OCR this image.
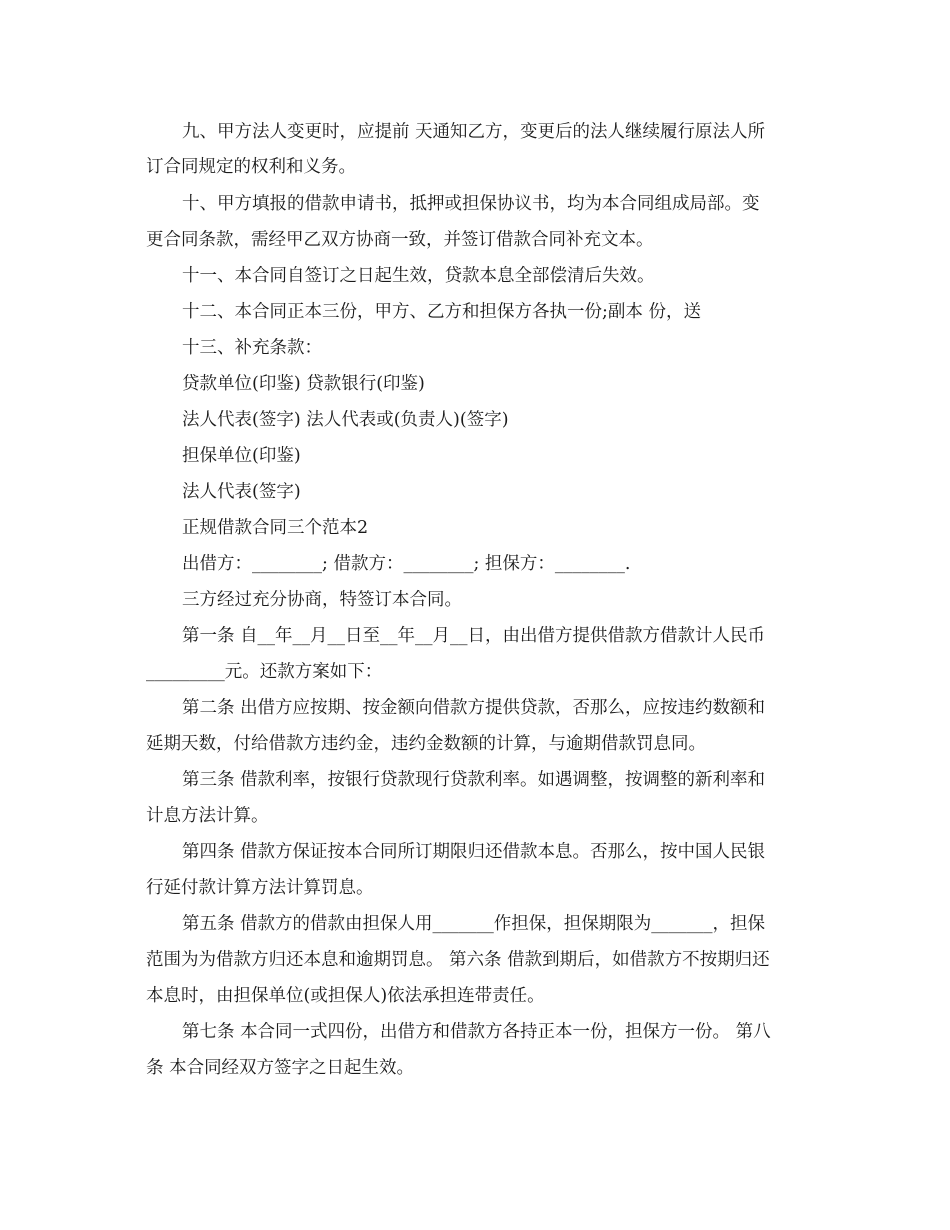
九、甲方法人变更时，应提前 天通知乙方，变更后的法人继续履行原法人所
订合同规定的权利和义务。
十、甲方填报的借款申请书，抵押或担保协议书，均为本合同组成局部。变
更合同条款，需经甲乙双方协商一致，并签订借款合同补充文本。
十一、本合同自签订之日起生效，贷款本息全部偿清后失效。
十二、本合同正本三份，甲方、乙方和担保方各执一份;副本 份，送
十三、补充条款：
贷款单位(印鉴) 贷款银行(印鉴)
法人代表(签字) 法人代表或(负责人)(签字)
担保单位(印鉴)
法人代表(签字)
正规借款合同三个范本2
出借方：________; 借款方：________; 担保方：________.
三方经过充分协商，特签订本合同。
第一条 自__年__月__日至__年__月__日，由出借方提供借款方借款计人民币
_________元。还款方案如下：
第二条 出借方应按期、按金额向借款方提供贷款，否那么，应按违约数额和
延期天数，付给借款方违约金，违约金数额的计算，与逾期借款罚息同。
第三条 借款利率，按银行贷款现行贷款利率。如遇调整，按调整的新利率和
计息方法计算。
第四条 借款方保证按本合同所订期限归还借款本息。否那么，按中国人民银
行延付款计算方法计算罚息。
第五条 借款方的借款由担保人用_______作担保，担保期限为_______，担保
范围为为借款方归还本息和逾期罚息。 第六条 借款到期后，如借款方不按期归还
本息时，由担保单位(或担保人)依法承担连带责任。
第七条 本合同一式四份，出借方和借款方各持正本一份，担保方一份。 第八
条 本合同经双方签字之日起生效。
